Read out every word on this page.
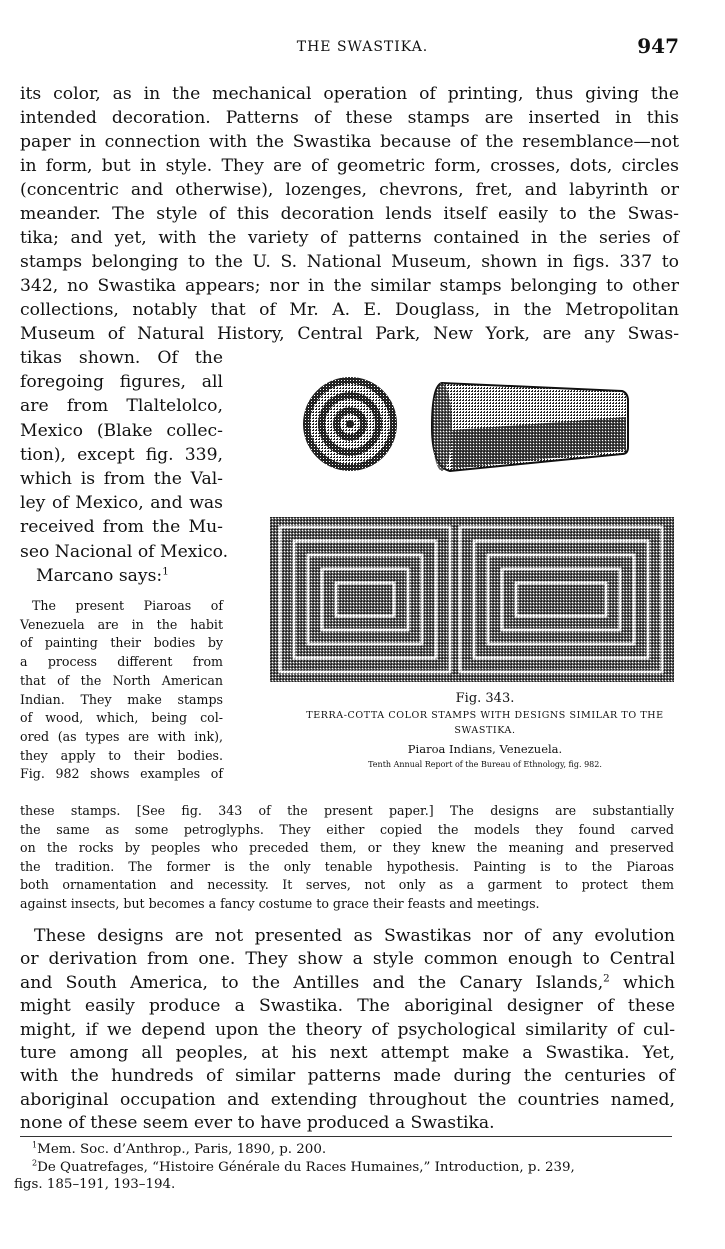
THE SWASTIKA.	947
its color, as in the mechanical operation of printing, thus giving the
intended decoration. Patterns of these stamps are inserted in this
paper in connection with the Swastika because of the resemblance—not
in form, but in style. They are of geometric form, crosses, dots, circles
(concentric and otherwise), lozenges, chevrons, fret, and labyrinth or
meander. The style of this decoration lends itself easily to the Swas-
tika; and yet, with the variety of patterns contained in the series of
stamps belonging to the U. S. National Museum, shown in figs. 337 to
342, no Swastika appears; nor in the similar stamps belonging to other
collections, notably that of Mr. A. E. Douglass, in the Metropolitan
Museum of Natural History, Central Park, New York, are any Swas-
tikas shown. Of the
foregoing figures, all
are from Tlaltelolco,
Mexico (Blake collec-
tion), except fig. 339,
which is from the Val-
ley of Mexico, and was
received from the Mu-
seo Nacional of Mexico.
Marcano says:$^1$
The present Piaroas of
Venezuela are in the habit
of painting their bodies by
a process different from
that of the North American
Indian. They make stamps
of wood, which, being col-
ored (as types are with ink),
they apply to their bodies.
Fig. 982 shows examples of
these stamps. [See fig. 343 of the present paper.] The designs are substantially
the same as some petroglyphs. They either copied the models they found carved
on the rocks by peoples who preceded them, or they knew the meaning and preserved
the tradition. The former is the only tenable hypothesis. Painting is to the Piaroas
both ornamentation and necessity. It serves, not only as a garment to protect them
against insects, but becomes a fancy costume to grace their feasts and meetings.
Fig. 343.
TERRA-COTTA COLOR STAMPS WITH DESIGNS SIMILAR TO THE
SWASTIKA.
Piaroa Indians, Venezuela.
Tenth Annual Report of the Bureau of Ethnology, fig. 982.
These designs are not presented as Swastikas nor of any evolution
or derivation from one. They show a style common enough to Central
and South America, to the Antilles and the Canary Islands,$^2$ which
might easily produce a Swastika. The aboriginal designer of these
might, if we depend upon the theory of psychological similarity of cul-
ture among all peoples, at his next attempt make a Swastika. Yet,
with the hundreds of similar patterns made during the centuries of
aboriginal occupation and extending throughout the countries named,
none of these seem ever to have produced a Swastika.
$^1$Mem. Soc. d’Anthrop., Paris, 1890, p. 200.
$^2$De Quatrefages, “Histoire Générale du Races Humaines,” Introduction, p. 239,
figs. 185–191, 193–194.
